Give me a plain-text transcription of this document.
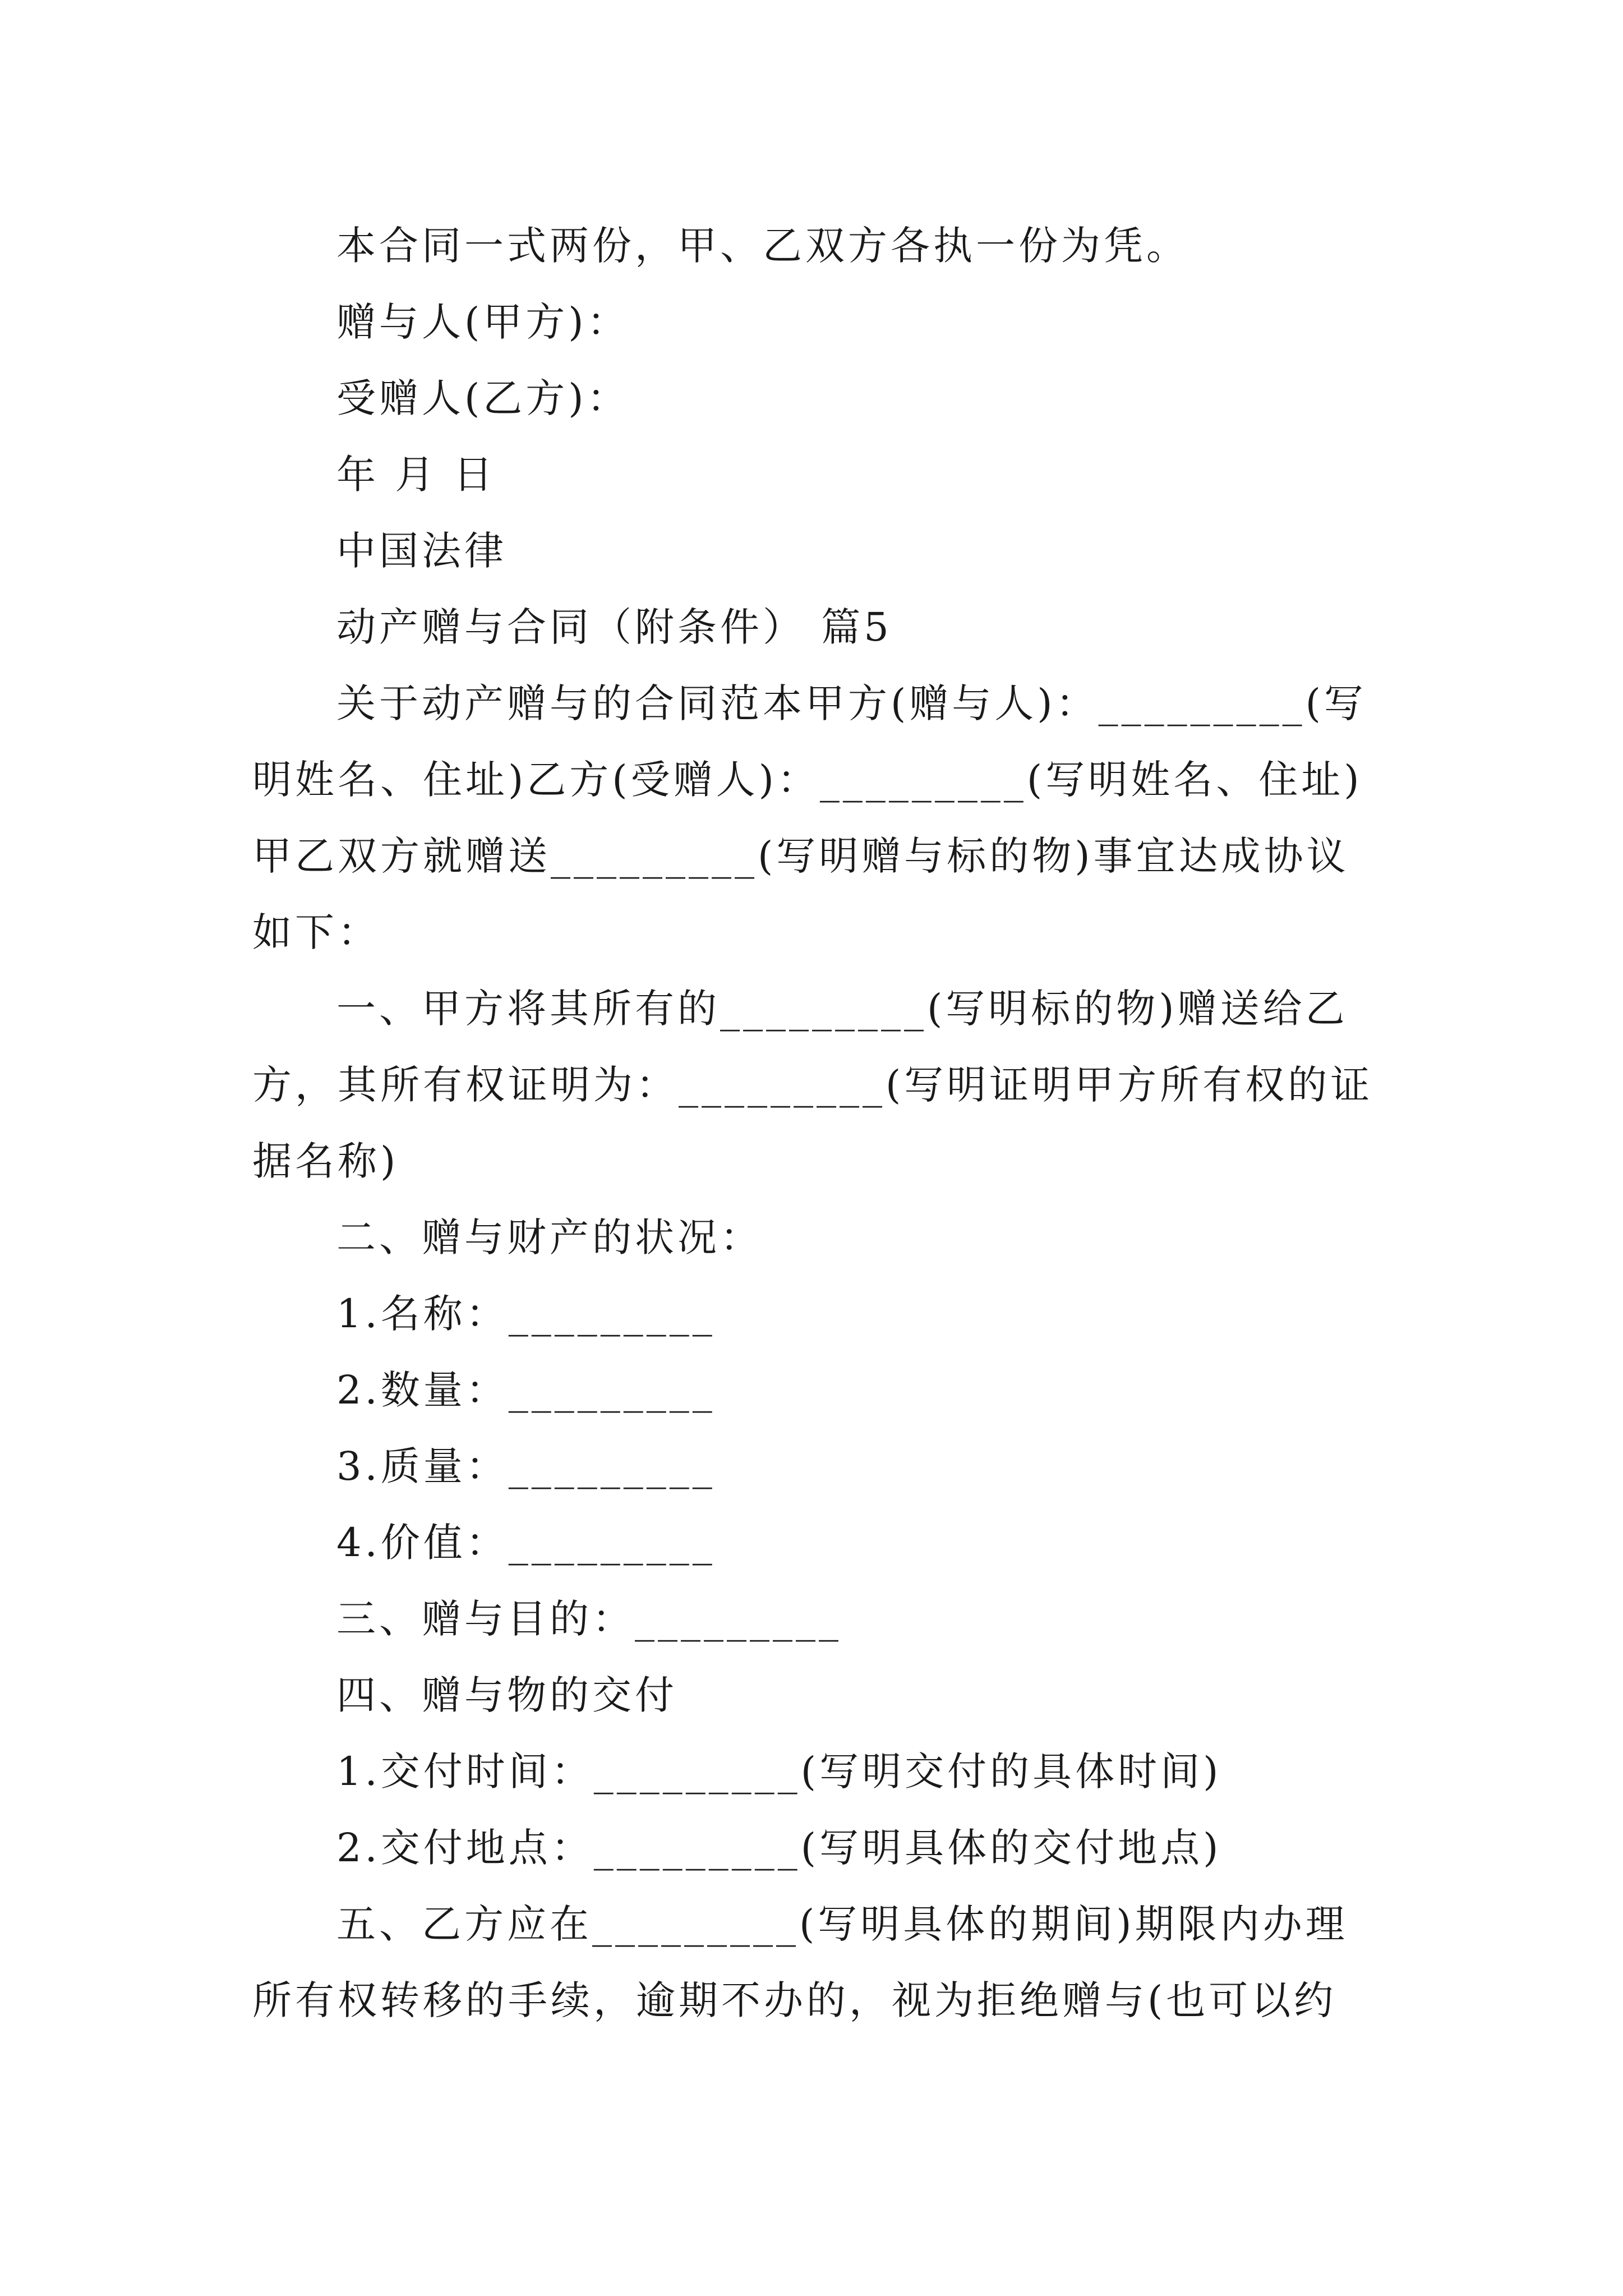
本合同一式两份，甲、乙双方各执一份为凭。
赠与人(甲方)：
受赠人(乙方)：
年 月 日
中国法律
动产赠与合同（附条件） 篇5
关于动产赠与的合同范本甲方(赠与人)：_________(写
明姓名、住址)乙方(受赠人)：_________(写明姓名、住址)
甲乙双方就赠送_________(写明赠与标的物)事宜达成协议
如下：
一、甲方将其所有的_________(写明标的物)赠送给乙
方，其所有权证明为：_________(写明证明甲方所有权的证
据名称)
二、赠与财产的状况：
1.名称：_________
2.数量：_________
3.质量：_________
4.价值：_________
三、赠与目的：_________
四、赠与物的交付
1.交付时间：_________(写明交付的具体时间)
2.交付地点：_________(写明具体的交付地点)
五、乙方应在_________(写明具体的期间)期限内办理
所有权转移的手续，逾期不办的，视为拒绝赠与(也可以约
